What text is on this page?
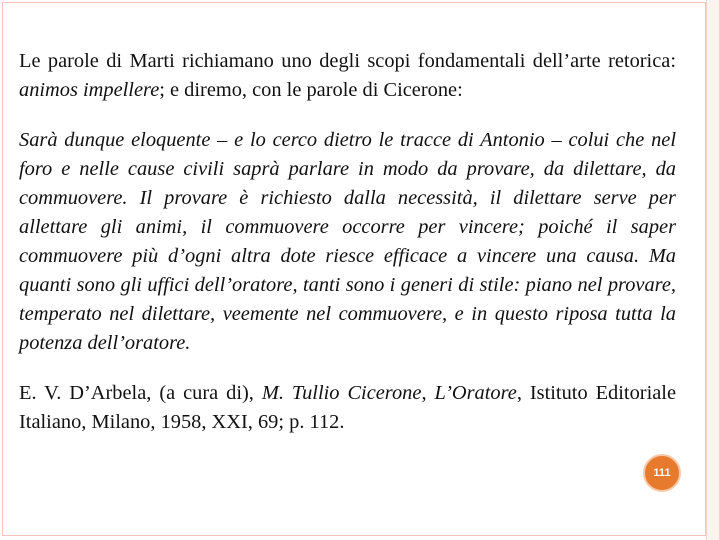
Le parole di Marti richiamano uno degli scopi fondamentali dell’arte retorica: animos impellere; e diremo, con le parole di Cicerone:

Sarà dunque eloquente – e lo cerco dietro le tracce di Antonio – colui che nel foro e nelle cause civili saprà parlare in modo da provare, da dilettare, da commuovere. Il provare è richiesto dalla necessità, il dilettare serve per allettare gli animi, il commuovere occorre per vincere; poiché il saper commuovere più d’ogni altra dote riesce efficace a vincere una causa. Ma quanti sono gli uffici dell’oratore, tanti sono i generi di stile: piano nel provare, temperato nel dilettare, veemente nel commuovere, e in questo riposa tutta la potenza dell’oratore.

E. V. D’Arbela, (a cura di), M. Tullio Cicerone, L’Oratore, Istituto Editoriale Italiano, Milano, 1958, XXI, 69; p. 112.

111
